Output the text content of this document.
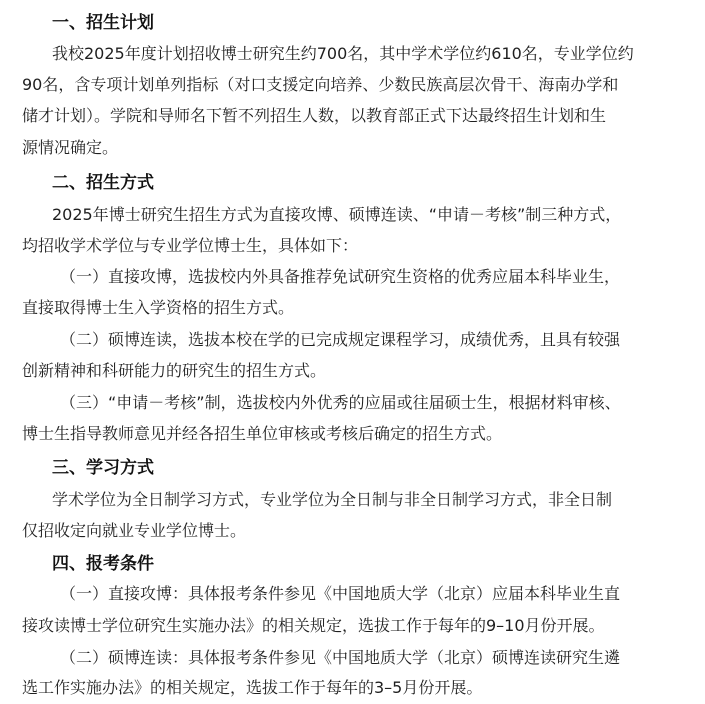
一、招生计划
我校2025年度计划招收博士研究生约700名，其中学术学位约610名，专业学位约
90名，含专项计划单列指标（对口支援定向培养、少数民族高层次骨干、海南办学和
储才计划）。学院和导师名下暂不列招生人数，以教育部正式下达最终招生计划和生
源情况确定。
二、招生方式
2025年博士研究生招生方式为直接攻博、硕博连读、“申请－考核”制三种方式，
均招收学术学位与专业学位博士生，具体如下：
（一）直接攻博，选拔校内外具备推荐免试研究生资格的优秀应届本科毕业生，
直接取得博士生入学资格的招生方式。
（二）硕博连读，选拔本校在学的已完成规定课程学习，成绩优秀，且具有较强
创新精神和科研能力的研究生的招生方式。
（三）“申请－考核”制，选拔校内外优秀的应届或往届硕士生，根据材料审核、
博士生指导教师意见并经各招生单位审核或考核后确定的招生方式。
三、学习方式
学术学位为全日制学习方式，专业学位为全日制与非全日制学习方式，非全日制
仅招收定向就业专业学位博士。
四、报考条件
（一）直接攻博：具体报考条件参见《中国地质大学（北京）应届本科毕业生直
接攻读博士学位研究生实施办法》的相关规定，选拔工作于每年的9–10月份开展。
（二）硕博连读：具体报考条件参见《中国地质大学（北京）硕博连读研究生遴
选工作实施办法》的相关规定，选拔工作于每年的3–5月份开展。
